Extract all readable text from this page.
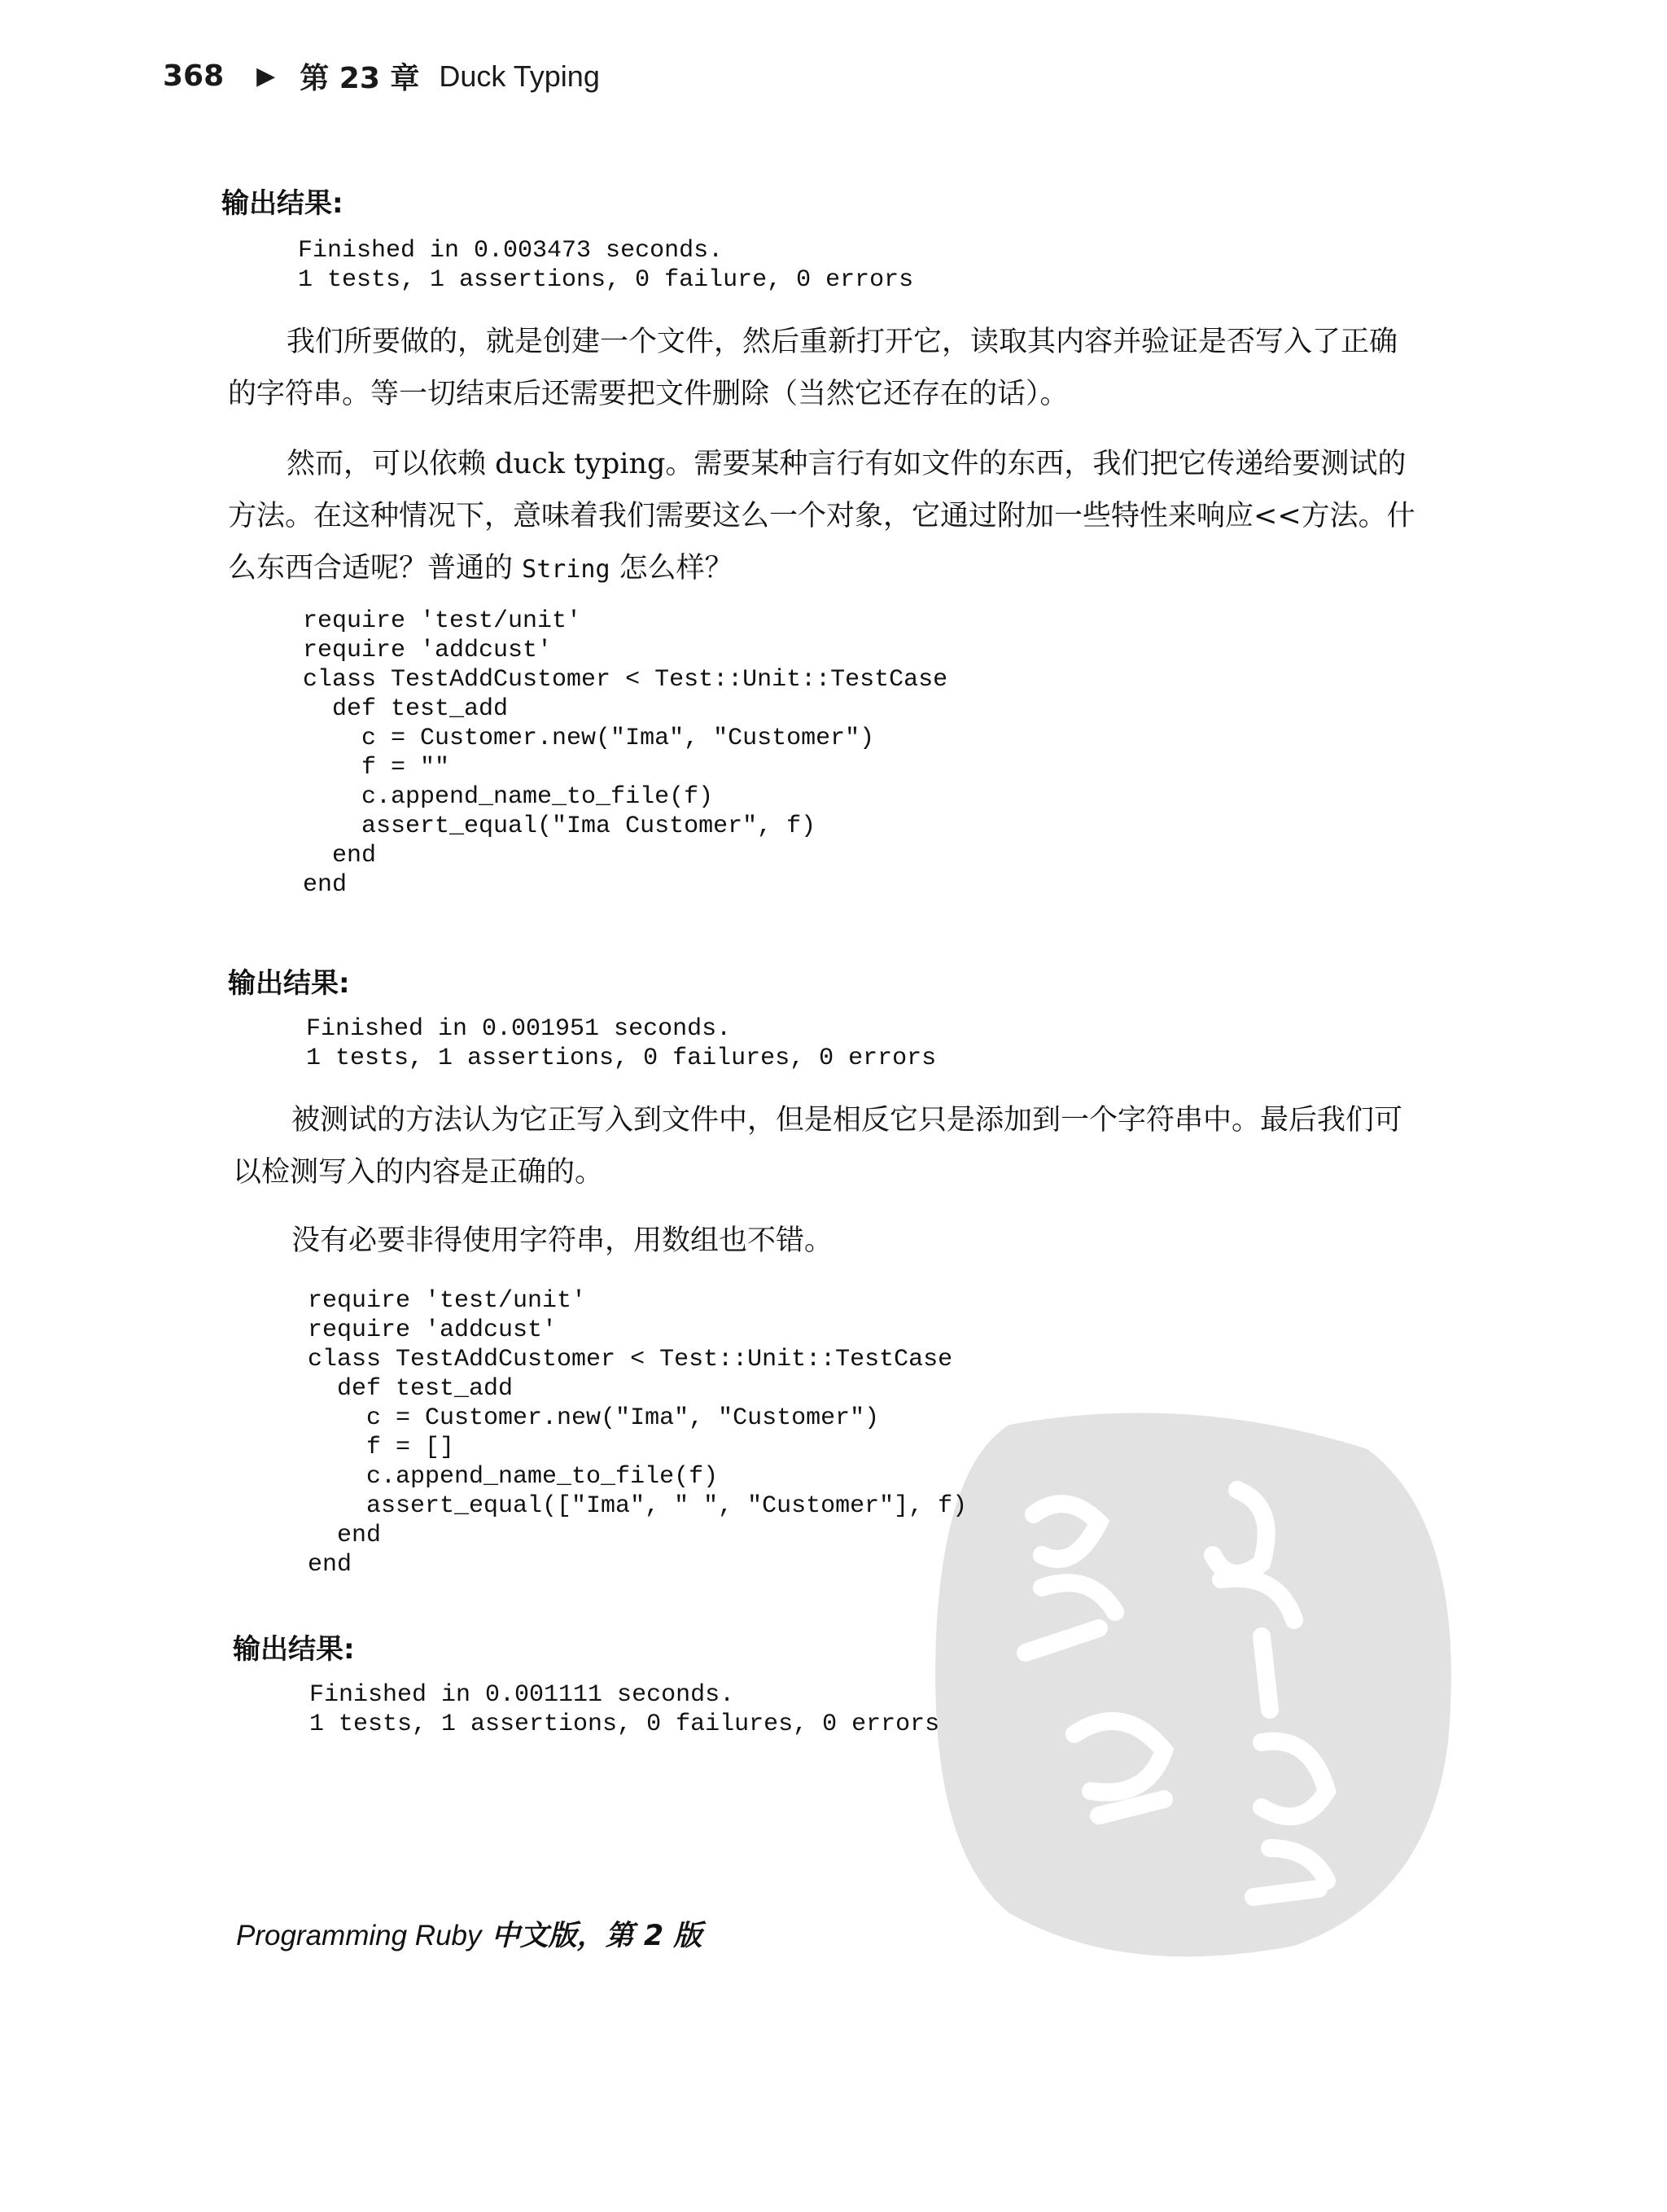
368 ▶ 第 23 章 Duck Typing
输出结果:
Finished in 0.003473 seconds.
1 tests, 1 assertions, 0 failure, 0 errors

我们所要做的，就是创建一个文件，然后重新打开它，读取其内容并验证是否写入了正确的字符串。等一切结束后还需要把文件删除（当然它还存在的话）。

然而，可以依赖 duck typing。需要某种言行有如文件的东西，我们把它传递给要测试的方法。在这种情况下，意味着我们需要这么一个对象，它通过附加一些特性来响应<<方法。什么东西合适呢？普通的 String 怎么样？

require 'test/unit'
require 'addcust'
class TestAddCustomer < Test::Unit::TestCase
def test_add
c = Customer.new("Ima", "Customer")
f = ""
c.append_name_to_file(f)
assert_equal("Ima Customer", f)
end
end
输出结果:
Finished in 0.001951 seconds.
1 tests, 1 assertions, 0 failures, 0 errors

被测试的方法认为它正写入到文件中，但是相反它只是添加到一个字符串中。最后我们可以检测写入的内容是正确的。

没有必要非得使用字符串，用数组也不错。

require 'test/unit'
require 'addcust'
class TestAddCustomer < Test::Unit::TestCase
def test_add
c = Customer.new("Ima", "Customer")
f = []
c.append_name_to_file(f)
assert_equal(["Ima", " ", "Customer"], f)
end
end
输出结果:
Finished in 0.001111 seconds.
1 tests, 1 assertions, 0 failures, 0 errors
Programming Ruby 中文版，第 2 版
